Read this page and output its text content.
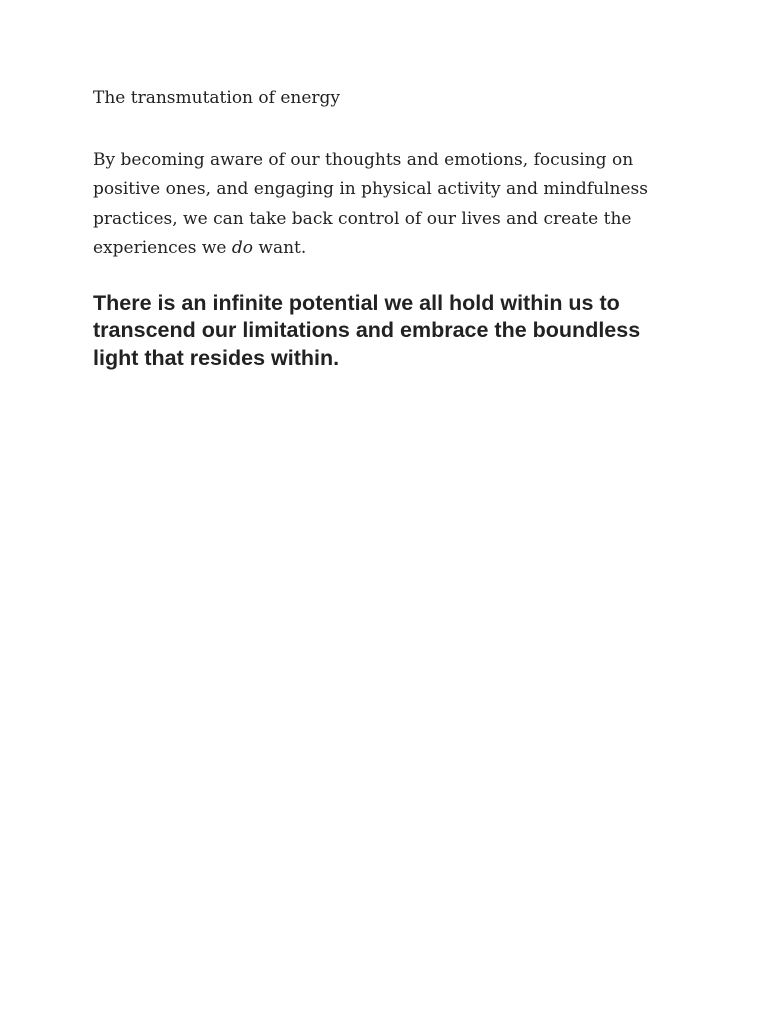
The transmutation of energy

By becoming aware of our thoughts and emotions, focusing on positive ones, and engaging in physical activity and mindfulness practices, we can take back control of our lives and create the experiences we do want.

There is an infinite potential we all hold within us to transcend our limitations and embrace the boundless light that resides within.
